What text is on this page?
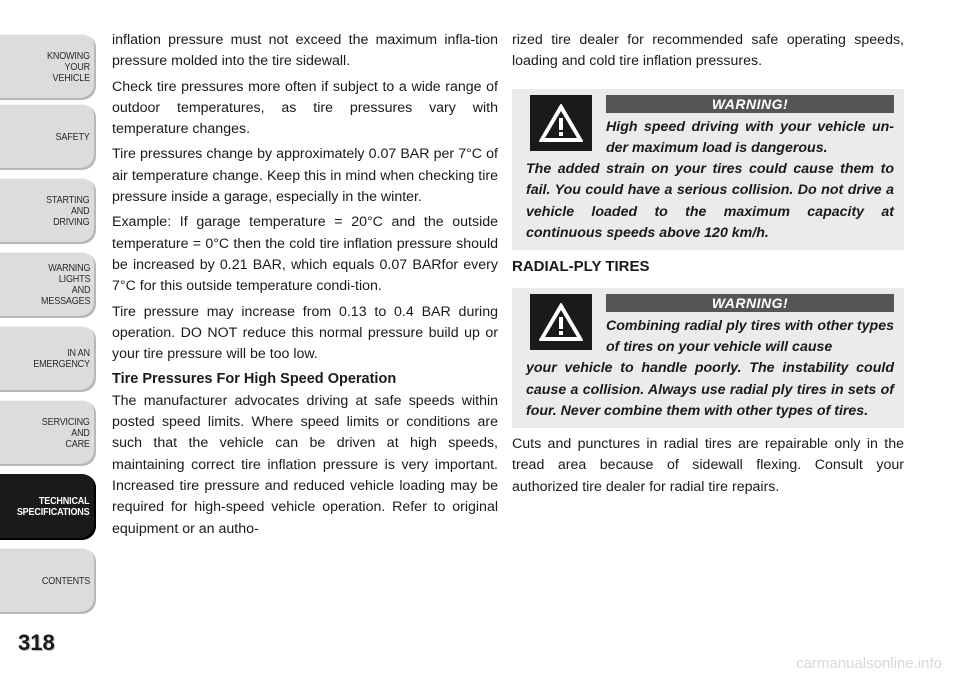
KNOWING
YOUR
VEHICLE
SAFETY
STARTING
AND
DRIVING
WARNING
LIGHTS
AND
MESSAGES
IN AN
EMERGENCY
SERVICING
AND
CARE
TECHNICAL
SPECIFICATIONS
CONTENTS
318

inflation pressure must not exceed the maximum infla-tion pressure molded into the tire sidewall.

Check tire pressures more often if subject to a wide range of outdoor temperatures, as tire pressures vary with temperature changes.

Tire pressures change by approximately 0.07 BAR per 7°C of air temperature change. Keep this in mind when checking tire pressure inside a garage, especially in the winter.

Example: If garage temperature = 20°C and the outside temperature = 0°C then the cold tire inflation pressure should be increased by 0.21 BAR, which equals 0.07 BARfor every 7°C for this outside temperature condi-tion.

Tire pressure may increase from 0.13 to 0.4 BAR during operation. DO NOT reduce this normal pressure build up or your tire pressure will be too low.

Tire Pressures For High Speed Operation

The manufacturer advocates driving at safe speeds within posted speed limits. Where speed limits or conditions are such that the vehicle can be driven at high speeds, maintaining correct tire inflation pressure is very important. Increased tire pressure and reduced vehicle loading may be required for high-speed vehicle operation. Refer to original equipment or an autho-

rized tire dealer for recommended safe operating speeds, loading and cold tire inflation pressures.

WARNING!
High speed driving with your vehicle un-der maximum load is dangerous.
The added strain on your tires could cause them to fail. You could have a serious collision. Do not drive a vehicle loaded to the maximum capacity at continuous speeds above 120 km/h.
RADIAL-PLY TIRES
WARNING!
Combining radial ply tires with other types of tires on your vehicle will cause
your vehicle to handle poorly. The instability could cause a collision. Always use radial ply tires in sets of four. Never combine them with other types of tires.

Cuts and punctures in radial tires are repairable only in the tread area because of sidewall flexing. Consult your authorized tire dealer for radial tire repairs.

carmanualsonline.info
